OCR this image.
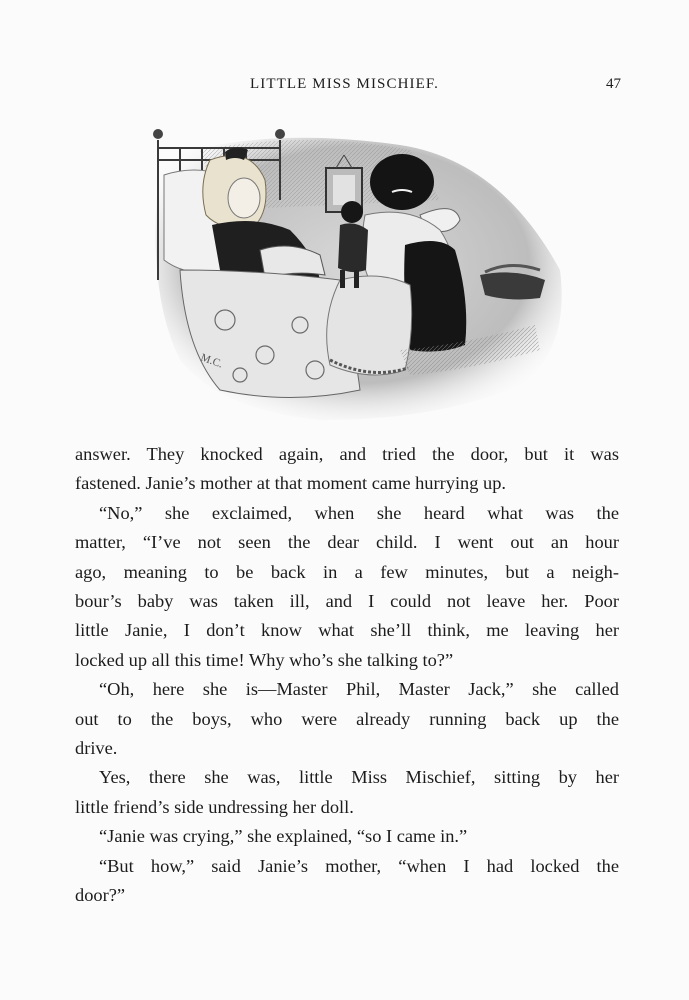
LITTLE MISS MISCHIEF.	47
M.C.

answer. They knocked again, and tried the door, but it was
fastened. Janie’s mother at that moment came hurrying up.

“No,” she exclaimed, when she heard what was the
matter, “I’ve not seen the dear child. I went out an hour
ago, meaning to be back in a few minutes, but a neigh-
bour’s baby was taken ill, and I could not leave her. Poor
little Janie, I don’t know what she’ll think, me leaving her
locked up all this time! Why who’s she talking to?”

“Oh, here she is—Master Phil, Master Jack,” she called
out to the boys, who were already running back up the
drive.

Yes, there she was, little Miss Mischief, sitting by her
little friend’s side undressing her doll.

“Janie was crying,” she explained, “so I came in.”

“But how,” said Janie’s mother, “when I had locked the
door?”
